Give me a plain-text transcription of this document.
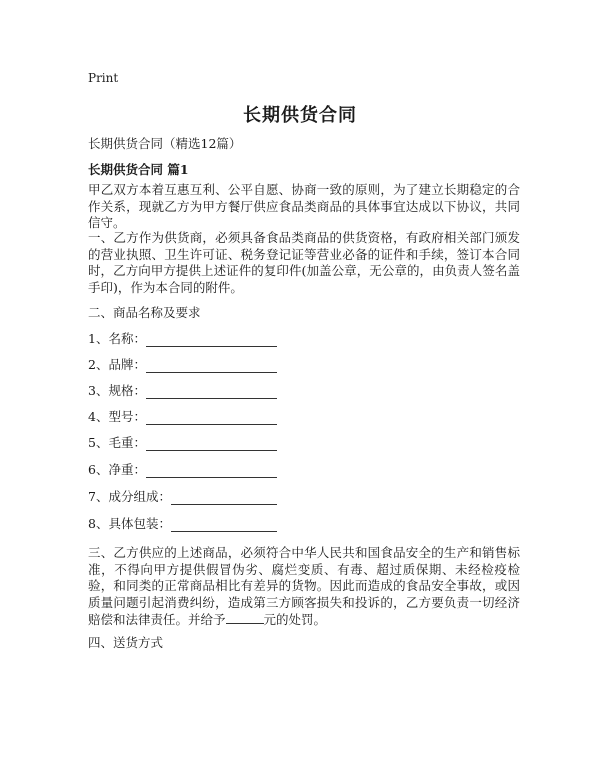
Print
长期供货合同
长期供货合同（精选12篇）
长期供货合同 篇1

甲乙双方本着互惠互利、公平自愿、协商一致的原则，为了建立长期稳定的合作关系，现就乙方为甲方餐厅供应食品类商品的具体事宜达成以下协议，共同信守。

一、乙方作为供货商，必须具备食品类商品的供货资格，有政府相关部门颁发的营业执照、卫生许可证、税务登记证等营业必备的证件和手续，签订本合同时，乙方向甲方提供上述证件的复印件(加盖公章，无公章的，由负责人签名盖手印)，作为本合同的附件。

二、商品名称及要求
1、名称：
2、品牌：
3、规格：
4、型号：
5、毛重：
6、净重：
7、成分组成：
8、具体包装：

三、乙方供应的上述商品，必须符合中华人民共和国食品安全的生产和销售标准，不得向甲方提供假冒伪劣、腐烂变质、有毒、超过质保期、未经检疫检验，和同类的正常商品相比有差异的货物。因此而造成的食品安全事故，或因质量问题引起消费纠纷，造成第三方顾客损失和投诉的，乙方要负责一切经济赔偿和法律责任。并给予	元的处罚。

四、送货方式
